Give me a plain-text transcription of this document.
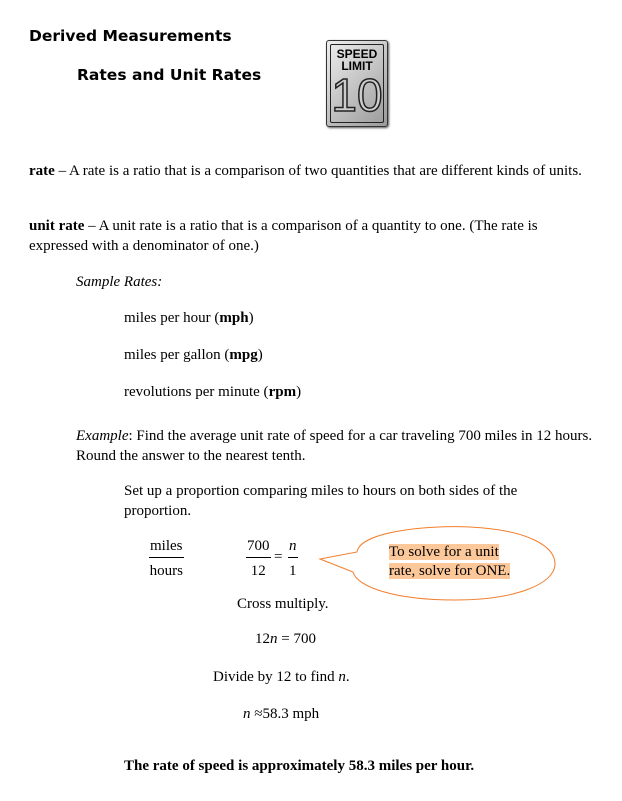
Derived Measurements
Rates and Unit Rates
SPEED
LIMIT
10
rate – A rate is a ratio that is a comparison of two quantities that are different kinds of units.
unit rate – A unit rate is a ratio that is a comparison of a quantity to one. (The rate is expressed with a denominator of one.)
Sample Rates:
miles per hour (mph)
miles per gallon (mpg)
revolutions per minute (rpm)
Example: Find the average unit rate of speed for a car traveling 700 miles in 12 hours. Round the answer to the nearest tenth.
Set up a proportion comparing miles to hours on both sides of the proportion.
miles
hours	$\frac{700}{12} = \frac{n}{1}$	To solve for a unit rate, solve for ONE.
Cross multiply.
12n = 700
Divide by 12 to find n.
n ≈58.3 mph
The rate of speed is approximately 58.3 miles per hour.
